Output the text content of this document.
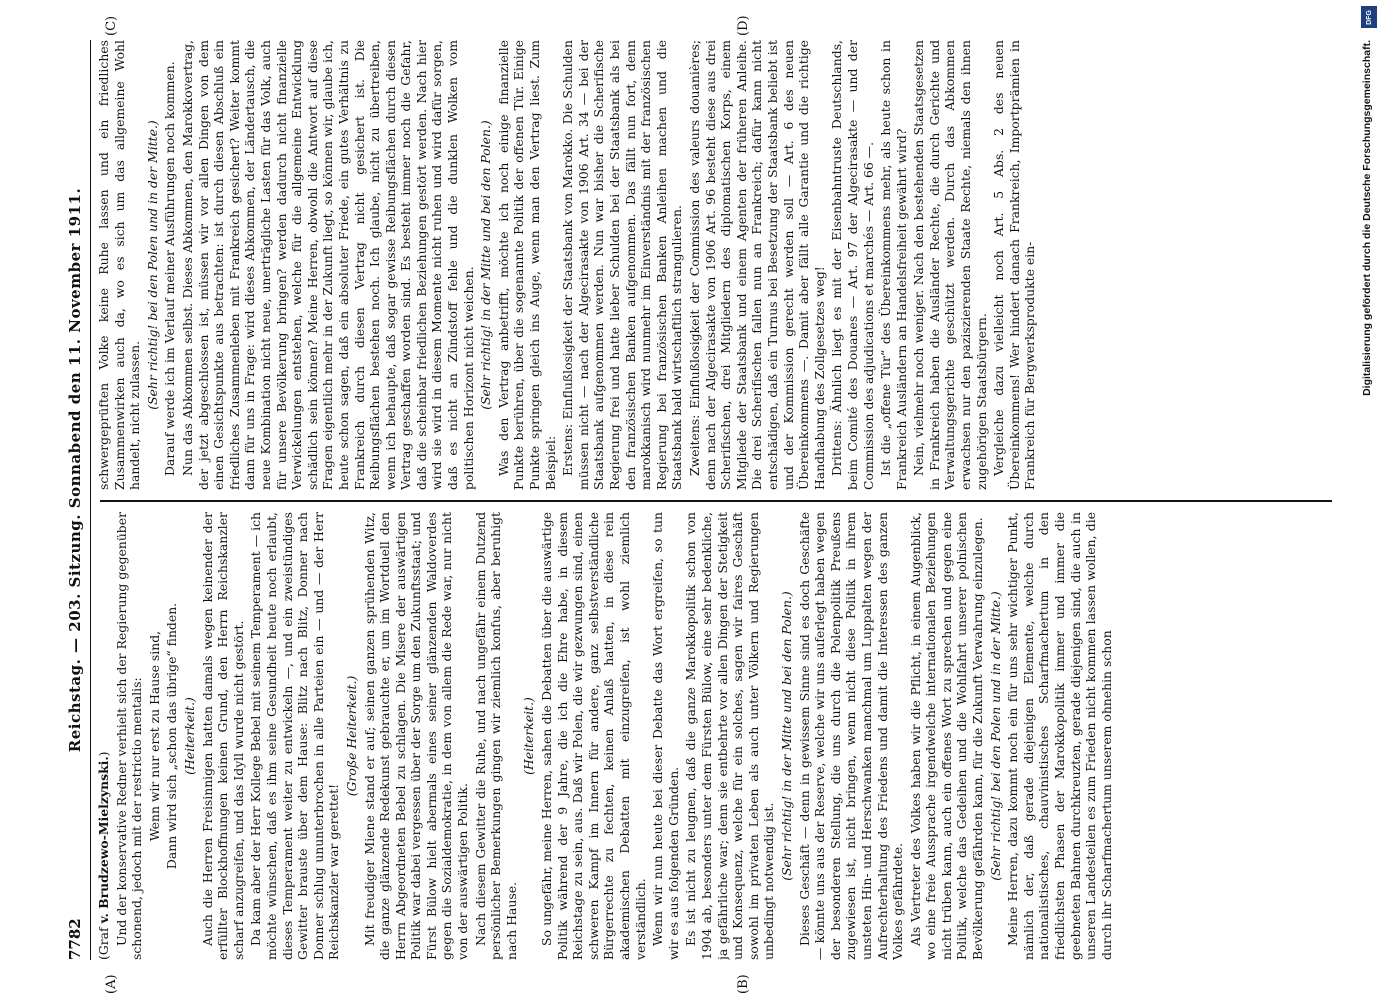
7782
Reichstag. — 203. Sitzung. Sonnabend den 11. November 1911.
(A)	(B)
(C)	(D)

(Graf v. Brudzewo-Mielzynski.) Und der konservative Redner verhielt sich der Regierung gegenüber schonend, jedoch mit der restrictio mentalis: Wenn wir nur erst zu Hause sind, Dann wird sich „schon das übrige“ finden. (Heiterkeit.) Auch die Herren Freisinnigen hatten damals wegen keinender der erfüllter Blockhoffnungen keinen Grund, den Herrn Reichskanzler scharf anzugreifen, und das Idyll wurde nicht gestört. Da kam aber der Herr Kollege Bebel mit seinem Temperament — ich möchte wünschen, daß es ihm seine Gesundheit heute noch erlaubt, dieses Temperament weiter zu entwickeln —, und ein zweistündiges Gewitter brauste über dem Hause: Blitz nach Blitz, Donner nach Donner schlug ununterbrochen in alle Parteien ein — und — der Herr Reichskanzler war gerettet!

(Große Heiterkeit.) Mit freudiger Miene stand er auf; seinen ganzen sprühenden Witz, die ganze glänzende Redekunst gebrauchte er, um im Wortduell den Herrn Abgeordneten Bebel zu schlagen. Die Misere der auswärtigen Politik war dabei vergessen über der Sorge um den Zukunftsstaat; und Fürst Bülow hielt abermals eines seiner glänzenden Waldoverdes gegen die Sozialdemokratie, in dem von allem die Rede war, nur nicht von der auswärtigen Politik. Nach diesem Gewitter die Ruhe, und nach ungefähr einem Dutzend persönlicher Bemerkungen gingen wir ziemlich konfus, aber beruhigt nach Hause.

(Heiterkeit.) So ungefähr, meine Herren, sahen die Debatten über die auswärtige Politik während der 9 Jahre, die ich die Ehre habe, in diesem Reichstage zu sein, aus. Daß wir Polen, die wir gezwungen sind, einen schweren Kampf im Innern für andere, ganz selbstverständliche Bürgerrechte zu fechten, keinen Anlaß hatten, in diese rein akademischen Debatten mit einzugreifen, ist wohl ziemlich verständlich. Wenn wir nun heute bei dieser Debatte das Wort ergreifen, so tun wir es aus folgenden Gründen. Es ist nicht zu leugnen, daß die ganze Marokkopolitik schon von 1904 ab, besonders unter dem Fürsten Bülow, eine sehr bedenkliche, ja gefährliche war; denn sie entbehrte vor allen Dingen der Stetigkeit und Konsequenz, welche für ein solches, sagen wir faires Geschäft sowohl im privaten Leben als auch unter Völkern und Regierungen unbedingt notwendig ist.

(Sehr richtig! in der Mitte und bei den Polen.) Dieses Geschäft — denn in gewissem Sinne sind es doch Geschäfte — könnte uns aus der Reserve, welche wir uns auferlegt haben wegen der besonderen Stellung, die uns durch die Polenpolitik Preußens zugewiesen ist, nicht bringen, wenn nicht diese Politik in ihrem unsteten Hin- und Herschwanken manchmal um Luppalten wegen der Aufrechterhaltung des Friedens und damit die Interessen des ganzen Volkes gefährdete. Als Vertreter des Volkes haben wir die Pflicht, in einem Augenblick, wo eine freie Aussprache irgendwelche internationalen Beziehungen nicht trüben kann, auch ein offenes Wort zu sprechen und gegen eine Politik, welche das Gedeihen und die Wohlfahrt unserer polnischen Bevölkerung gefährden kann, für die Zukunft Verwahrung einzulegen. (Sehr richtig! bei den Polen und in der Mitte.) Meine Herren, dazu kommt noch ein für uns sehr wichtiger Punkt, nämlich der, daß gerade diejenigen Elemente, welche durch nationalistisches, chauvinistisches Scharfmachertum in den friedlichsten Phasen der Marokkopolitik immer und immer die geebneten Bahnen durchkreuzten, gerade diejenigen sind, die auch in unseren Landesteilen es zum Frieden nicht kommen lassen wollen, die durch ihr Scharfmachertum unserem ohnehin schon

schwergeprüften Volke keine Ruhe lassen und ein friedliches Zusammenwirken auch da, wo es sich um das allgemeine Wohl handelt, nicht zulassen.

(Sehr richtig! bei den Polen und in der Mitte.) Darauf werde ich im Verlauf meiner Ausführungen noch kommen. Nun das Abkommen selbst. Dieses Abkommen, den Marokkovertrag, der jetzt abgeschlossen ist, müssen wir vor allen Dingen von dem einen Gesichtspunkte aus betrachten: ist durch diesen Abschluß ein friedliches Zusammenleben mit Frankreich gesichert? Weiter kommt dann für uns in Frage: wird dieses Abkommen, der Ländertausch, die neue Kombination nicht neue, unerträgliche Lasten für das Volk, auch für unsere Bevölkerung bringen? werden dadurch nicht finanzielle Verwickelungen entstehen, welche für die allgemeine Entwicklung schädlich sein können? Meine Herren, obwohl die Antwort auf diese Fragen eigentlich mehr in der Zukunft liegt, so können wir, glaube ich, heute schon sagen, daß ein absoluter Friede, ein gutes Verhältnis zu Frankreich durch diesen Vertrag nicht gesichert ist. Die Reibungsflächen bestehen noch. Ich glaube, nicht zu übertreiben, wenn ich behaupte, daß sogar gewisse Reibungsflächen durch diesen Vertrag geschaffen worden sind. Es besteht immer noch die Gefahr, daß die scheinbar friedlichen Beziehungen gestört werden. Nach hier wird sie wird in diesem Momente nicht ruhen und wird dafür sorgen, daß es nicht an Zündstoff fehle und die dunklen Wolken vom politischen Horizont nicht weichen. (Sehr richtig! in der Mitte und bei den Polen.) Was den Vertrag anbetrifft, möchte ich noch einige finanzielle Punkte berühren, über die sogenannte Politik der offenen Tür. Einige Punkte springen gleich ins Auge, wenn man den Vertrag liest. Zum Beispiel: Erstens: Einflußlosigkeit der Staatsbank von Marokko. Die Schulden müssen nicht — nach der Algecirasakte von 1906 Art. 34 — bei der Staatsbank aufgenommen werden. Nun war bisher die Scherifische Regierung frei und hatte lieber Schulden bei der Staatsbank als bei den französischen Banken aufgenommen. Das fällt nun fort, denn marokkanisch wird nunmehr im Einverständnis mit der französischen Regierung bei französischen Banken Anleihen machen und die Staatsbank bald wirtschaftlich strangulieren. Zweitens: Einflußlosigkeit der Commission des valeurs douanières; denn nach der Algecirasakte von 1906 Art. 96 besteht diese aus drei Scherifischen, drei Mitgliedern des diplomatischen Korps, einem Mitgliede der Staatsbank und einem Agenten der früheren Anleihe. Die drei Scherifischen fallen nun an Frankreich; dafür kann nicht entschädigen, daß ein Turnus bei Besetzung der Staatsbank beliebt ist und der Kommission gerecht werden soll — Art. 6 des neuen Übereinkommens —. Damit aber fällt alle Garantie und die richtige Handhabung des Zollgesetzes weg! Drittens: Ähnlich liegt es mit der Eisenbahntruste Deutschlands, beim Comité des Douanes — Art. 97 der Algecirasakte — und der Commission des adjudications et marchés — Art. 66 —. Ist die „offene Tür“ des Übereinkommens mehr, als heute schon in Frankreich Ausländern an Handelsfreiheit gewährt wird? Nein, vielmehr noch weniger. Nach den bestehenden Staatsgesetzen in Frankreich haben die Ausländer Rechte, die durch Gerichte und Verwaltungsgerichte geschützt werden. Durch das Abkommen erwachsen nur den paziszierenden Staate Rechte, niemals den ihnen zugehörigen Staatsbürgern. Vergleiche dazu vielleicht noch Art. 5 Abs. 2 des neuen Übereinkommens! Wer hindert danach Frankreich, Importprämien in Frankreich für Bergwerksprodukte ein-	Digitalisierung gefördert durch die Deutsche Forschungsgemeinschaft.
DFG
